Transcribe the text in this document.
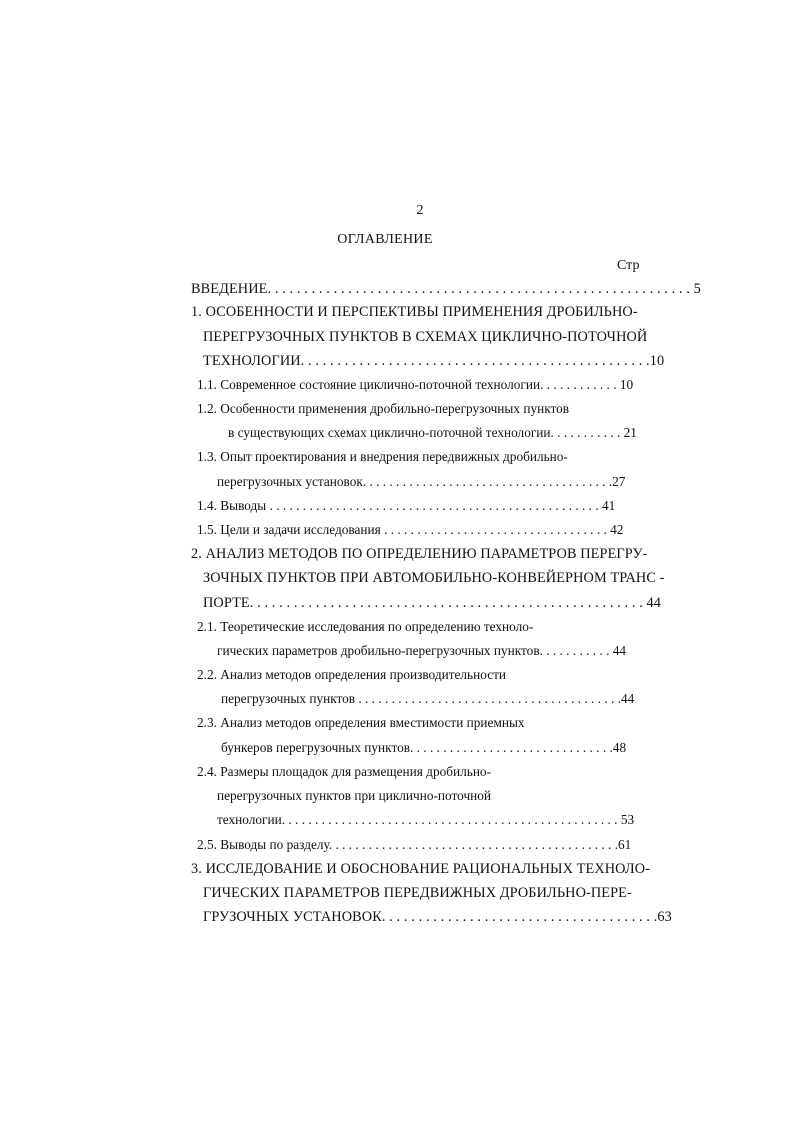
2
ОГЛАВЛЕНИЕ
Стр
ВВЕДЕНИЕ. . . . . . . . . . . . . . . . . . . . . . . . . . . . . . . . . . . . . . . . . . . . . . . . . . . . . . . . . . 5
1. ОСОБЕННОСТИ И ПЕРСПЕКТИВЫ ПРИМЕНЕНИЯ ДРОБИЛЬНО-
ПЕРЕГРУЗОЧНЫХ ПУНКТОВ В СХЕМАХ ЦИКЛИЧНО-ПОТОЧНОЙ
ТЕХНОЛОГИИ. . . . . . . . . . . . . . . . . . . . . . . . . . . . . . . . . . . . . . . . . . . . . . . .10
1.1. Современное состояние циклично-поточной технологии. . . . . . . . . . . . 10
1.2. Особенности применения дробильно-перегрузочных пунктов
в существующих схемах циклично-поточной технологии. . . . . . . . . . . 21
1.3. Опыт проектирования и внедрения передвижных дробильно-
перегрузочных установок. . . . . . . . . . . . . . . . . . . . . . . . . . . . . . . . . . . . . .27
1.4. Выводы . . . . . . . . . . . . . . . . . . . . . . . . . . . . . . . . . . . . . . . . . . . . . . . . . . 41
1.5. Цели и задачи исследования . . . . . . . . . . . . . . . . . . . . . . . . . . . . . . . . . . 42
2. АНАЛИЗ МЕТОДОВ ПО ОПРЕДЕЛЕНИЮ ПАРАМЕТРОВ ПЕРЕГРУ-
ЗОЧНЫХ ПУНКТОВ ПРИ АВТОМОБИЛЬНО-КОНВЕЙЕРНОМ ТРАНС -
ПОРТЕ. . . . . . . . . . . . . . . . . . . . . . . . . . . . . . . . . . . . . . . . . . . . . . . . . . . . . . 44
2.1. Теоретические исследования по определению техноло-
гических параметров дробильно-перегрузочных пунктов. . . . . . . . . . . 44
2.2. Анализ методов определения производительности
перегрузочных пунктов . . . . . . . . . . . . . . . . . . . . . . . . . . . . . . . . . . . . . . . .44
2.3. Анализ методов определения вместимости приемных
бункеров перегрузочных пунктов. . . . . . . . . . . . . . . . . . . . . . . . . . . . . . .48
2.4. Размеры площадок для размещения дробильно-
перегрузочных пунктов при циклично-поточной
технологии. . . . . . . . . . . . . . . . . . . . . . . . . . . . . . . . . . . . . . . . . . . . . . . . . . . 53
2.5. Выводы по разделу. . . . . . . . . . . . . . . . . . . . . . . . . . . . . . . . . . . . . . . . . . . .61
3. ИССЛЕДОВАНИЕ И ОБОСНОВАНИЕ РАЦИОНАЛЬНЫХ ТЕХНОЛО-
ГИЧЕСКИХ ПАРАМЕТРОВ ПЕРЕДВИЖНЫХ ДРОБИЛЬНО-ПЕРЕ-
ГРУЗОЧНЫХ УСТАНОВОК. . . . . . . . . . . . . . . . . . . . . . . . . . . . . . . . . . . . . .63
